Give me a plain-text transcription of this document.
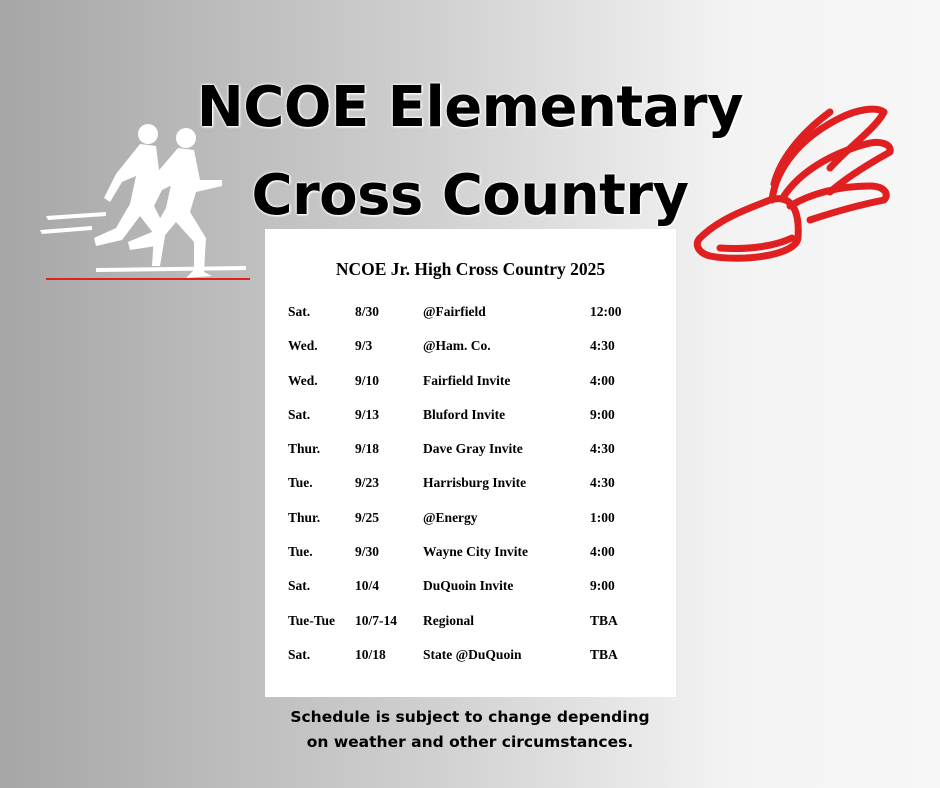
NCOE Elementary
Cross Country
NCOE Jr. High Cross Country 2025
Sat.	8/30	@Fairfield	12:00
Wed.	9/3	@Ham. Co.	4:30
Wed.	9/10	Fairfield Invite	4:00
Sat.	9/13	Bluford Invite	9:00
Thur.	9/18	Dave Gray Invite	4:30
Tue.	9/23	Harrisburg Invite	4:30
Thur.	9/25	@Energy	1:00
Tue.	9/30	Wayne City Invite	4:00
Sat.	10/4	DuQuoin Invite	9:00
Tue-Tue 10/7-14 Regional	TBA
Sat.	10/18	State @DuQuoin	TBA
Schedule is subject to change depending
on weather and other circumstances.
